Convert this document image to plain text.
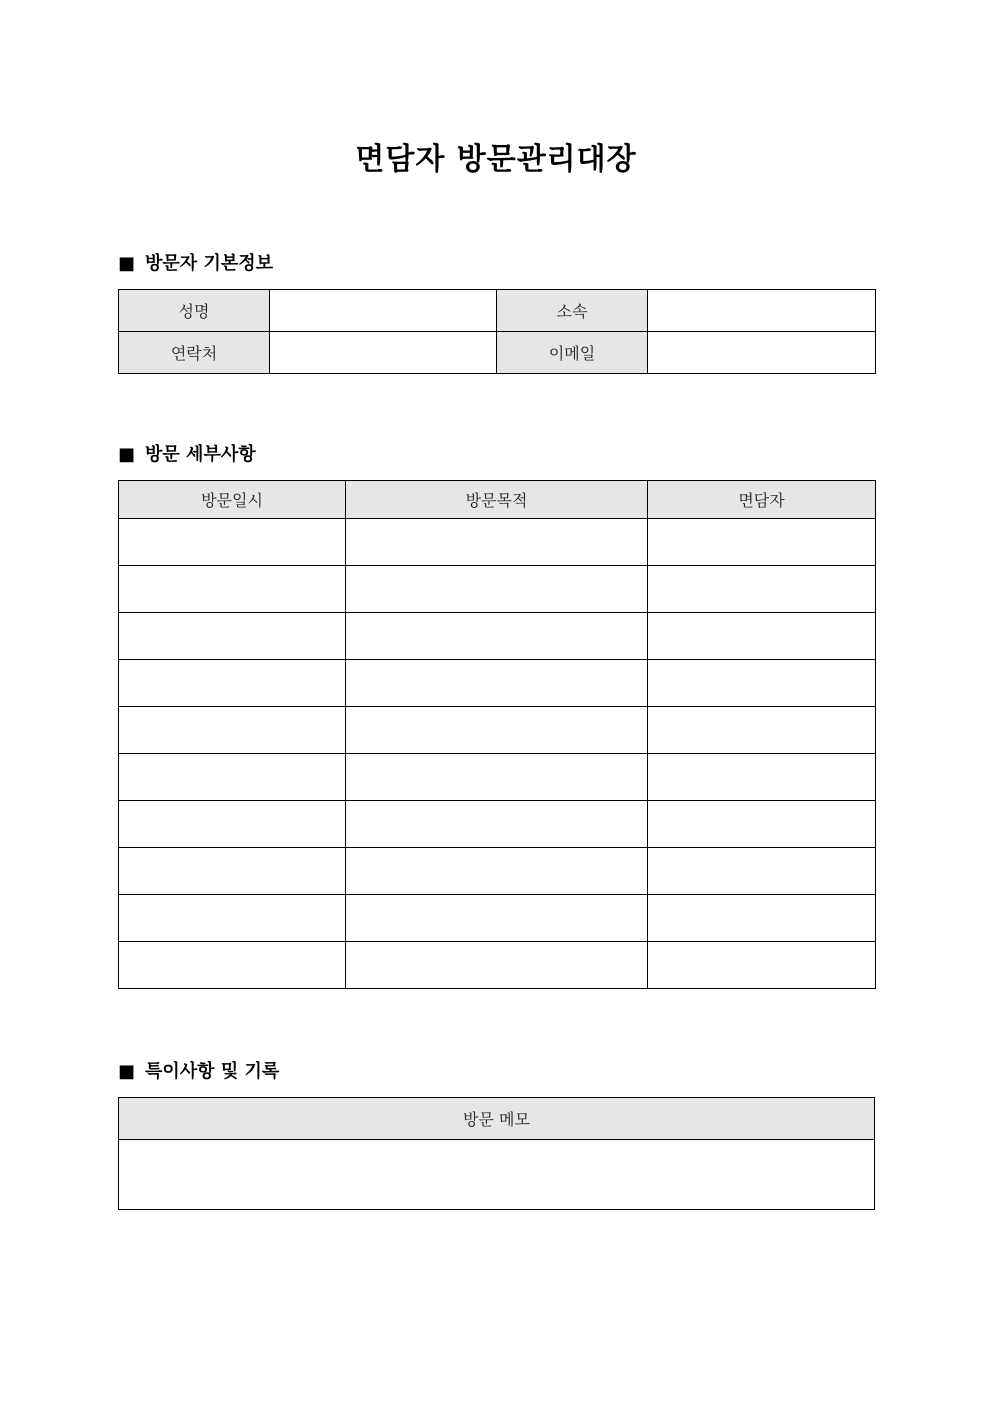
면담자 방문관리대장
■ 방문자 기본정보
성명		소속	
연락처		이메일	
■ 방문 세부사항
방문일시	방문목적	면담자

■ 특이사항 및 기록
방문 메모
